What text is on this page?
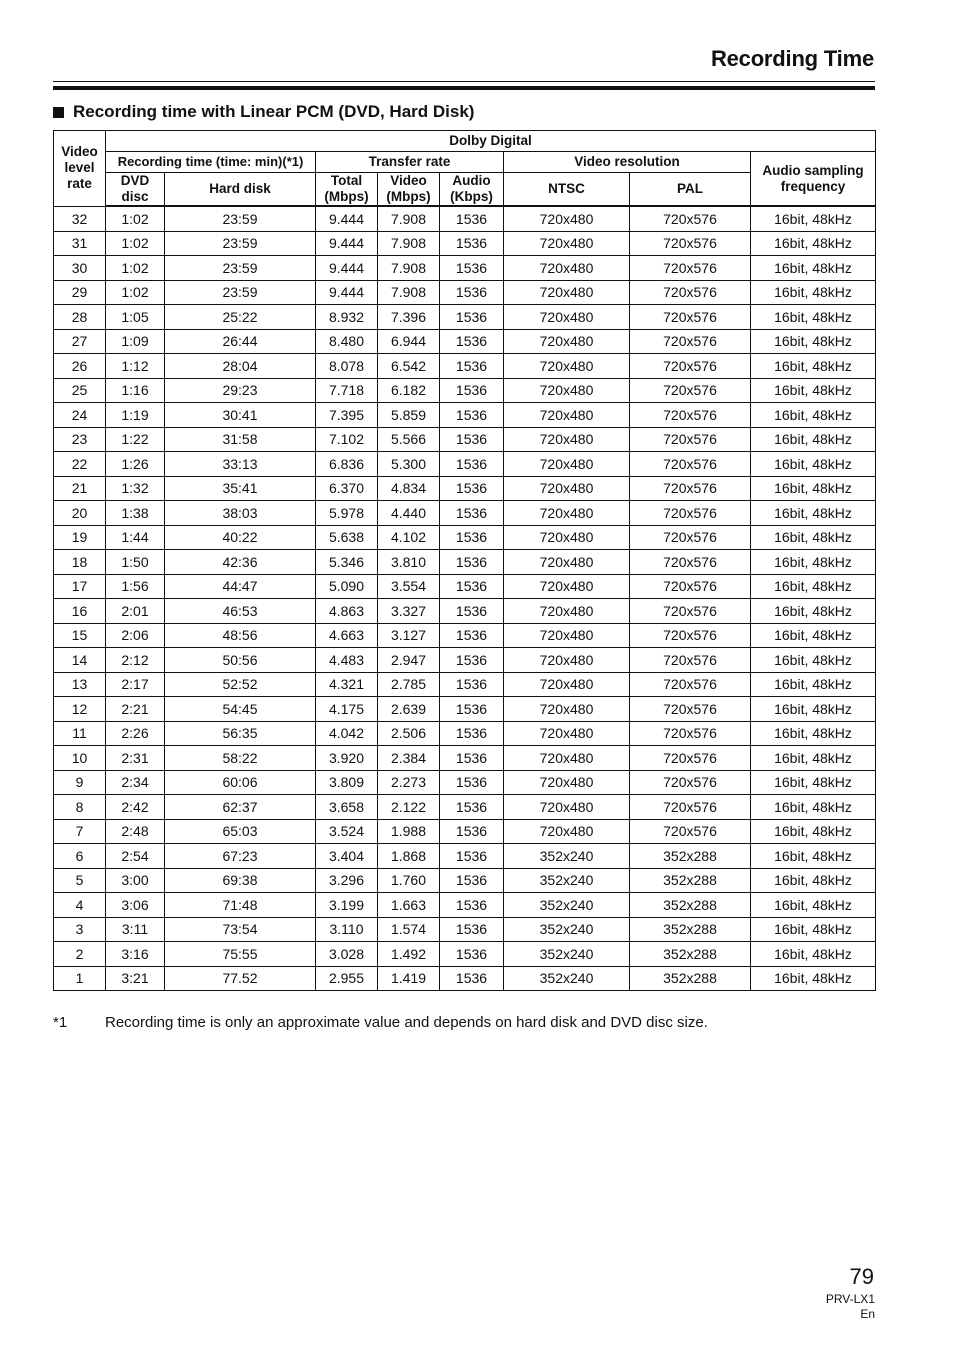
Recording Time
Recording time with Linear PCM (DVD, Hard Disk)
Video level rate	Dolby Digital							
	Recording time (time: min)(*1)		Transfer rate			Video resolution		Audio sampling frequency
	DVD disc	Hard disk	Total (Mbps)	Video (Mbps)	Audio (Kbps)	NTSC	PAL	
32	1:02	23:59	9.444	7.908	1536	720x480	720x576	16bit, 48kHz
31	1:02	23:59	9.444	7.908	1536	720x480	720x576	16bit, 48kHz
30	1:02	23:59	9.444	7.908	1536	720x480	720x576	16bit, 48kHz
29	1:02	23:59	9.444	7.908	1536	720x480	720x576	16bit, 48kHz
28	1:05	25:22	8.932	7.396	1536	720x480	720x576	16bit, 48kHz
27	1:09	26:44	8.480	6.944	1536	720x480	720x576	16bit, 48kHz
26	1:12	28:04	8.078	6.542	1536	720x480	720x576	16bit, 48kHz
25	1:16	29:23	7.718	6.182	1536	720x480	720x576	16bit, 48kHz
24	1:19	30:41	7.395	5.859	1536	720x480	720x576	16bit, 48kHz
23	1:22	31:58	7.102	5.566	1536	720x480	720x576	16bit, 48kHz
22	1:26	33:13	6.836	5.300	1536	720x480	720x576	16bit, 48kHz
21	1:32	35:41	6.370	4.834	1536	720x480	720x576	16bit, 48kHz
20	1:38	38:03	5.978	4.440	1536	720x480	720x576	16bit, 48kHz
19	1:44	40:22	5.638	4.102	1536	720x480	720x576	16bit, 48kHz
18	1:50	42:36	5.346	3.810	1536	720x480	720x576	16bit, 48kHz
17	1:56	44:47	5.090	3.554	1536	720x480	720x576	16bit, 48kHz
16	2:01	46:53	4.863	3.327	1536	720x480	720x576	16bit, 48kHz
15	2:06	48:56	4.663	3.127	1536	720x480	720x576	16bit, 48kHz
14	2:12	50:56	4.483	2.947	1536	720x480	720x576	16bit, 48kHz
13	2:17	52:52	4.321	2.785	1536	720x480	720x576	16bit, 48kHz
12	2:21	54:45	4.175	2.639	1536	720x480	720x576	16bit, 48kHz
11	2:26	56:35	4.042	2.506	1536	720x480	720x576	16bit, 48kHz
10	2:31	58:22	3.920	2.384	1536	720x480	720x576	16bit, 48kHz
9	2:34	60:06	3.809	2.273	1536	720x480	720x576	16bit, 48kHz
8	2:42	62:37	3.658	2.122	1536	720x480	720x576	16bit, 48kHz
7	2:48	65:03	3.524	1.988	1536	720x480	720x576	16bit, 48kHz
6	2:54	67:23	3.404	1.868	1536	352x240	352x288	16bit, 48kHz
5	3:00	69:38	3.296	1.760	1536	352x240	352x288	16bit, 48kHz
4	3:06	71:48	3.199	1.663	1536	352x240	352x288	16bit, 48kHz
3	3:11	73:54	3.110	1.574	1536	352x240	352x288	16bit, 48kHz
2	3:16	75:55	3.028	1.492	1536	352x240	352x288	16bit, 48kHz
1	3:21	77.52	2.955	1.419	1536	352x240	352x288	16bit, 48kHz
*1	Recording time is only an approximate value and depends on hard disk and DVD disc size.
79
PRV-LX1
En
